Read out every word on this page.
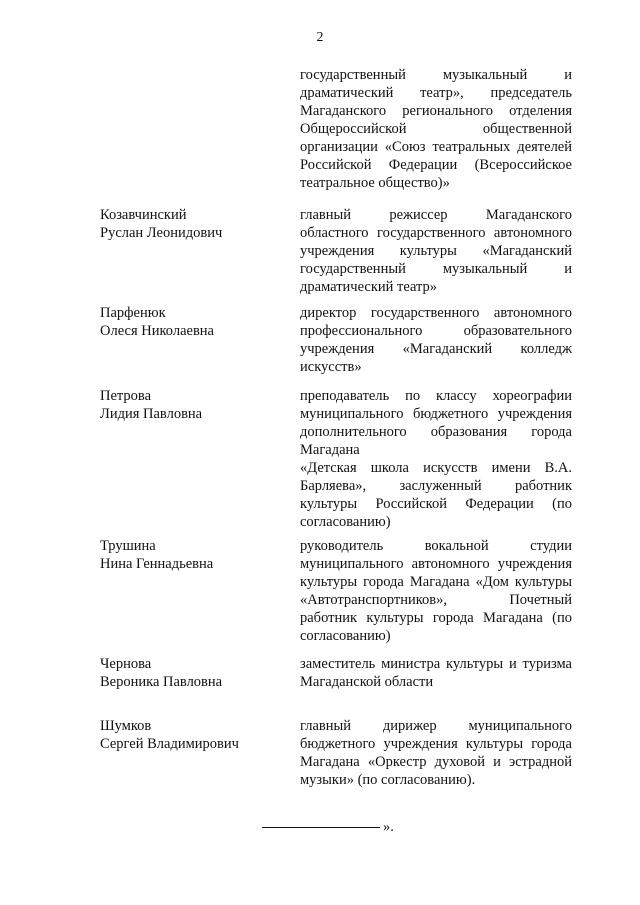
2
государственный музыкальный и драматический театр», председатель Магаданского регионального отделения Общероссийской общественной организации «Союз театральных деятелей Российской Федерации (Всероссийское театральное общество)»
Козавчинский
Руслан Леонидович

главный режиссер Магаданского областного государственного автономного учреждения культуры «Магаданский государственный музыкальный и драматический театр»

Парфенюк
Олеся Николаевна

директор государственного автономного профессионального образовательного учреждения «Магаданский колледж искусств»

Петрова
Лидия Павловна

преподаватель по классу хореографии муниципального бюджетного учреждения дополнительного образования города Магадана

«Детская школа искусств имени В.А. Барляева», заслуженный работник культуры Российской Федерации (по согласованию)

Трушина
Нина Геннадьевна

руководитель вокальной студии муниципального автономного учреждения культуры города Магадана «Дом культуры «Автотранспортников», Почетный работник культуры города Магадана (по согласованию)

Чернова
Вероника Павловна

заместитель министра культуры и туризма Магаданской области

Шумков
Сергей Владимирович

главный дирижер муниципального бюджетного учреждения культуры города Магадана «Оркестр духовой и эстрадной музыки» (по согласованию).

».
